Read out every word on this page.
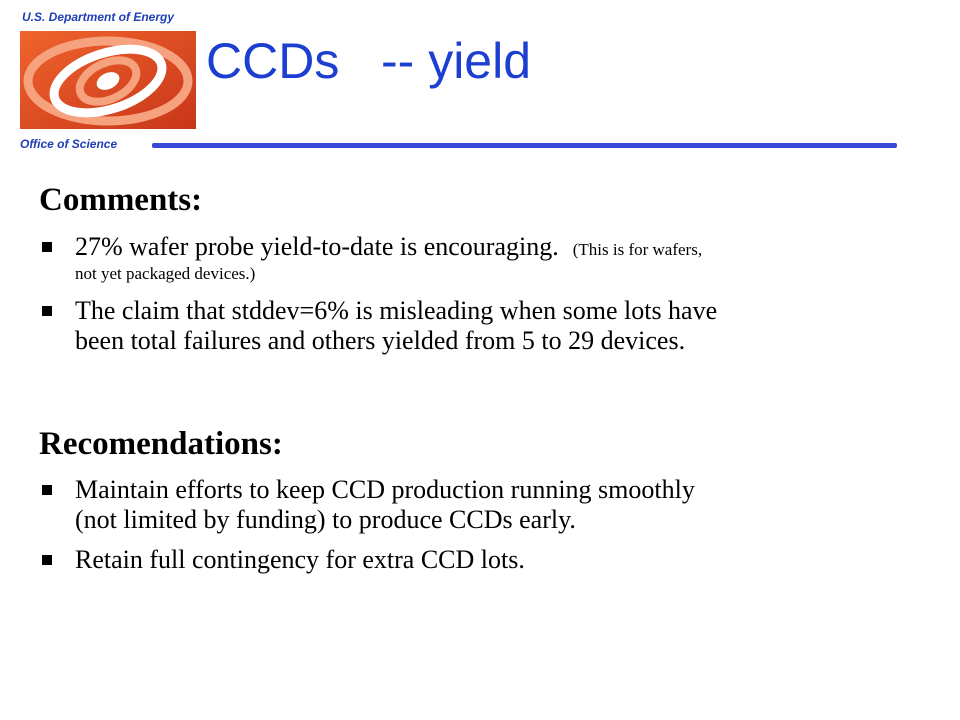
U.S. Department of Energy
Office of Science
CCDs   -- yield
Comments:
27% wafer probe yield-to-date is encouraging. (This is for wafers,
not yet packaged devices.)
The claim that stddev=6% is misleading when some lots have
been total failures and others yielded from 5 to 29 devices.
Recomendations:
Maintain efforts to keep CCD production running smoothly
(not limited by funding) to produce CCDs early.
Retain full contingency for extra CCD lots.
